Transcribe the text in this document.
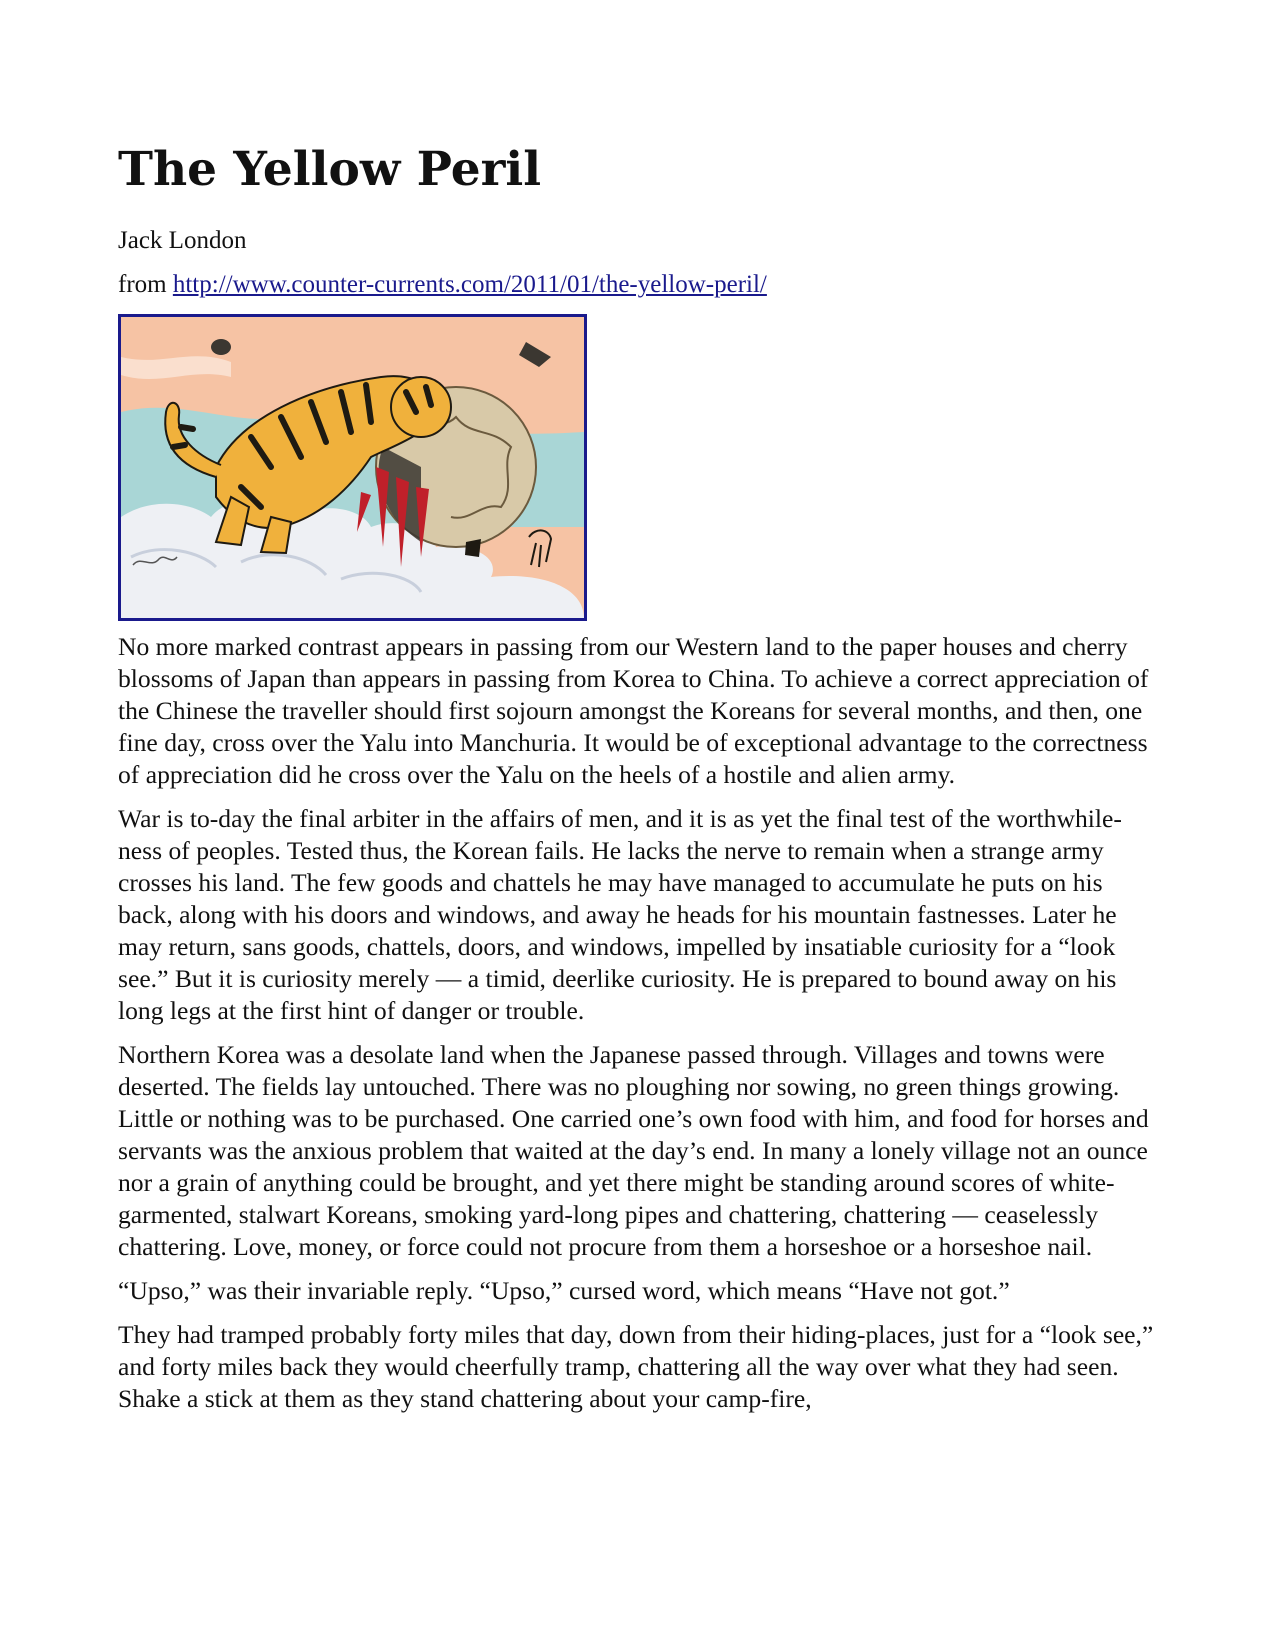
The Yellow Peril

Jack London

from http://www.counter-currents.com/2011/01/the-yellow-peril/

No more marked contrast appears in passing from our Western land to the paper houses and cherry blossoms of Japan than appears in passing from Korea to China. To achieve a correct appreciation of the Chinese the traveller should first sojourn amongst the Koreans for several months, and then, one fine day, cross over the Yalu into Manchuria. It would be of exceptional advantage to the correctness of appreciation did he cross over the Yalu on the heels of a hostile and alien army.

War is to-day the final arbiter in the affairs of men, and it is as yet the final test of the worthwhile-ness of peoples. Tested thus, the Korean fails. He lacks the nerve to remain when a strange army crosses his land. The few goods and chattels he may have managed to accumulate he puts on his back, along with his doors and windows, and away he heads for his mountain fastnesses. Later he may return, sans goods, chattels, doors, and windows, impelled by insatiable curiosity for a “look see.” But it is curiosity merely — a timid, deerlike curiosity. He is prepared to bound away on his long legs at the first hint of danger or trouble.

Northern Korea was a desolate land when the Japanese passed through. Villages and towns were deserted. The fields lay untouched. There was no ploughing nor sowing, no green things growing. Little or nothing was to be purchased. One carried one’s own food with him, and food for horses and servants was the anxious problem that waited at the day’s end. In many a lonely village not an ounce nor a grain of anything could be brought, and yet there might be standing around scores of white-garmented, stalwart Koreans, smoking yard-long pipes and chattering, chattering — ceaselessly chattering. Love, money, or force could not procure from them a horseshoe or a horseshoe nail.

“Upso,” was their invariable reply. “Upso,” cursed word, which means “Have not got.”

They had tramped probably forty miles that day, down from their hiding-places, just for a “look see,” and forty miles back they would cheerfully tramp, chattering all the way over what they had seen. Shake a stick at them as they stand chattering about your camp-fire,
